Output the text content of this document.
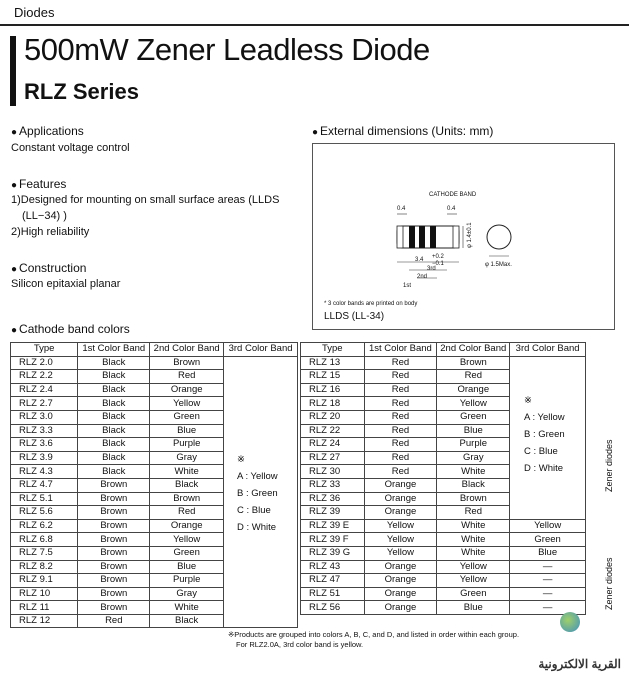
Diodes
500mW Zener Leadless Diode
RLZ Series
● Applications
Constant voltage control
● Features
1)Designed for mounting on small surface areas (LLDS
(LL−34) )
2)High reliability
● Construction
Silicon epitaxial planar
● External dimensions (Units: mm)
CATHODE BAND
0.4	0.4
3.4 +0.2
−0.1
φ 1.4±0.1
φ 1.5Max.
3rd
2nd
1st
* 3 color bands are printed on body
LLDS (LL-34)
● Cathode band colors
Type	1st Color Band	2nd Color Band	3rd Color Band
RLZ 2.0	Black	Brown	
RLZ 2.2	Black	Red	
RLZ 2.4	Black	Orange	
RLZ 2.7	Black	Yellow	
RLZ 3.0	Black	Green	
RLZ 3.3	Black	Blue	
RLZ 3.6	Black	Purple	
RLZ 3.9	Black	Gray	
RLZ 4.3	Black	White	
RLZ 4.7	Brown	Black	
RLZ 5.1	Brown	Brown	
RLZ 5.6	Brown	Red	
RLZ 6.2	Brown	Orange	
RLZ 6.8	Brown	Yellow	
RLZ 7.5	Brown	Green	
RLZ 8.2	Brown	Blue	
RLZ 9.1	Brown	Purple	
RLZ 10	Brown	Gray	
RLZ 11	Brown	White	
RLZ 12	Red	Black	
※
A : Yellow
B : Green
C : Blue
D : White
Type	1st Color Band	2nd Color Band	3rd Color Band
RLZ 13	Red	Brown	
RLZ 15	Red	Red	
RLZ 16	Red	Orange	
RLZ 18	Red	Yellow	
RLZ 20	Red	Green	
RLZ 22	Red	Blue	
RLZ 24	Red	Purple	
RLZ 27	Red	Gray	
RLZ 30	Red	White	
RLZ 33	Orange	Black	
RLZ 36	Orange	Brown	
RLZ 39	Orange	Red	
RLZ 39 E	Yellow	White	Yellow
RLZ 39 F	Yellow	White	Green
RLZ 39 G	Yellow	White	Blue
RLZ 43	Orange	Yellow	—
RLZ 47	Orange	Yellow	—
RLZ 51	Orange	Green	—
RLZ 56	Orange	Blue	—
※
A : Yellow
B : Green
C : Blue
D : White	Zener diodes
Zener diodes
※Products are grouped into colors A, B, C, and D, and listed in order within each group.
For RLZ2.0A, 3rd color band is yellow.
القرية الالكترونية
